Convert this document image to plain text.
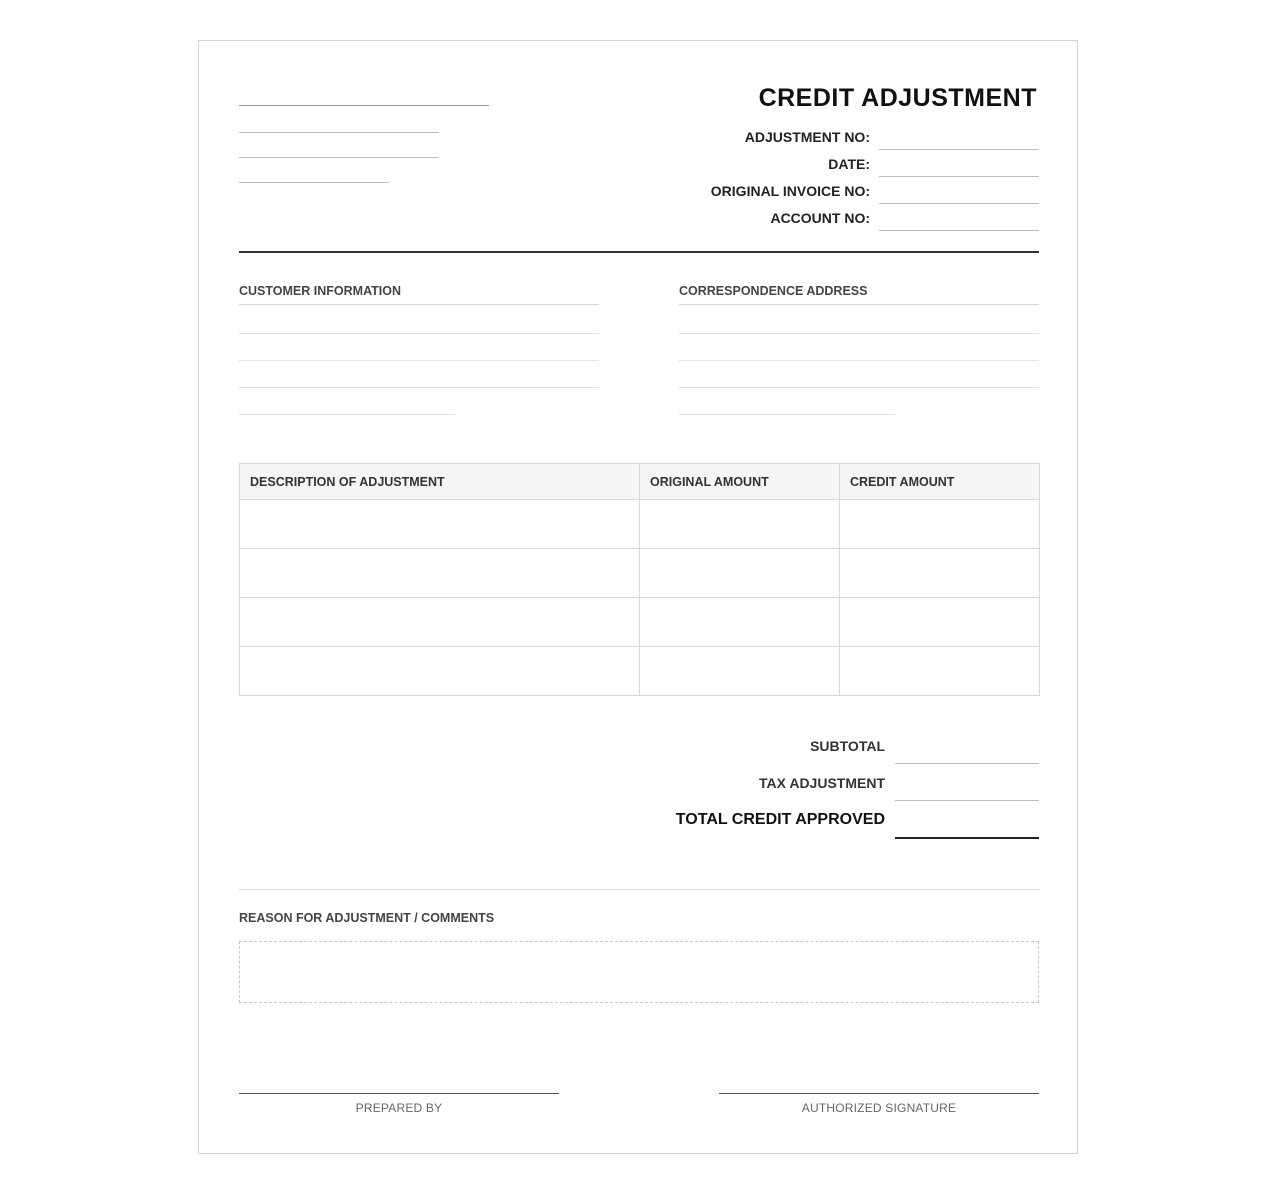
CREDIT ADJUSTMENT
ADJUSTMENT NO:
DATE:
ORIGINAL INVOICE NO:
ACCOUNT NO:
CUSTOMER INFORMATION	CORRESPONDENCE ADDRESS
DESCRIPTION OF ADJUSTMENT	ORIGINAL AMOUNT	CREDIT AMOUNT

SUBTOTAL
TAX ADJUSTMENT
TOTAL CREDIT APPROVED
REASON FOR ADJUSTMENT / COMMENTS
PREPARED BY	AUTHORIZED SIGNATURE
